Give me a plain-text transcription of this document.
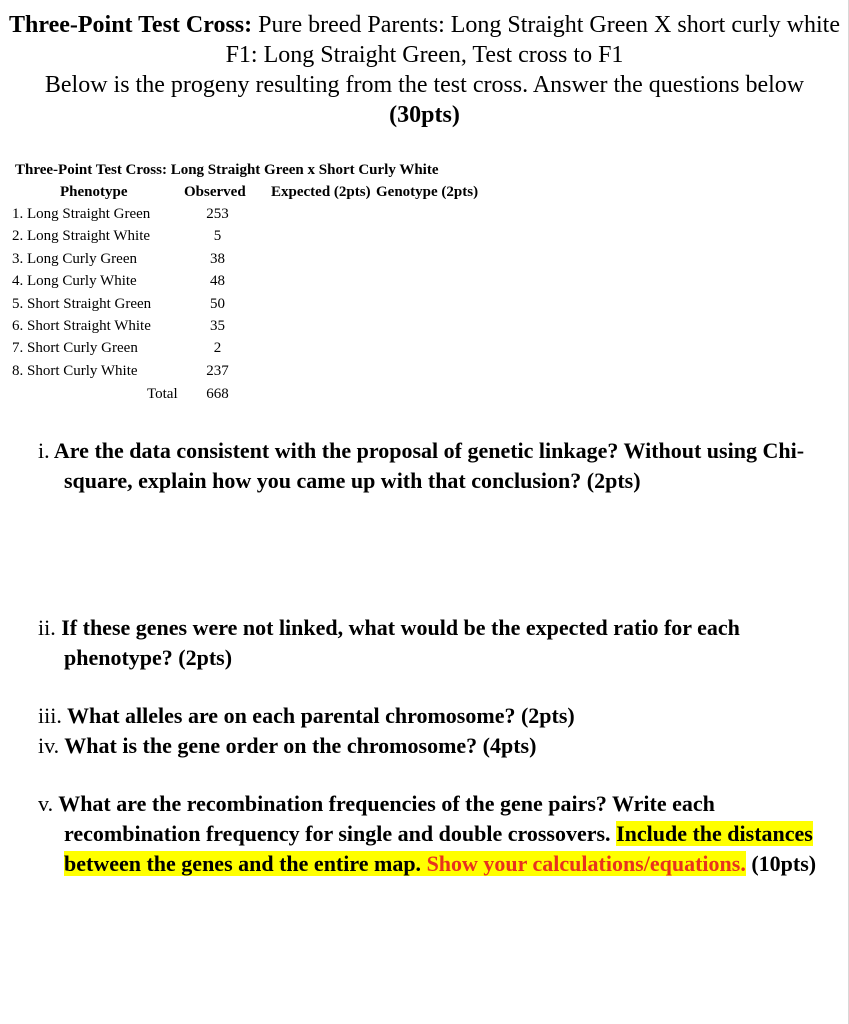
Three-Point Test Cross: Pure breed Parents: Long Straight Green X short curly white
F1: Long Straight Green, Test cross to F1
Below is the progeny resulting from the test cross. Answer the questions below
(30pts)
Three-Point Test Cross: Long Straight Green x Short Curly White
Phenotype	Observed Expected (2pts) Genotype (2pts)
1. Long Straight Green	253
2. Long Straight White	5
3. Long Curly Green	38
4. Long Curly White	48
5. Short Straight Green	50
6. Short Straight White	35
7. Short Curly Green	2
8. Short Curly White	237
Total	668
i. Are the data consistent with the proposal of genetic linkage? Without using Chi-square, explain how you came up with that conclusion? (2pts)
ii. If these genes were not linked, what would be the expected ratio for each phenotype? (2pts)
iii. What alleles are on each parental chromosome? (2pts)
iv. What is the gene order on the chromosome? (4pts)
v. What are the recombination frequencies of the gene pairs? Write each recombination frequency for single and double crossovers. Include the distances between the genes and the entire map. Show your calculations/equations. (10pts)
